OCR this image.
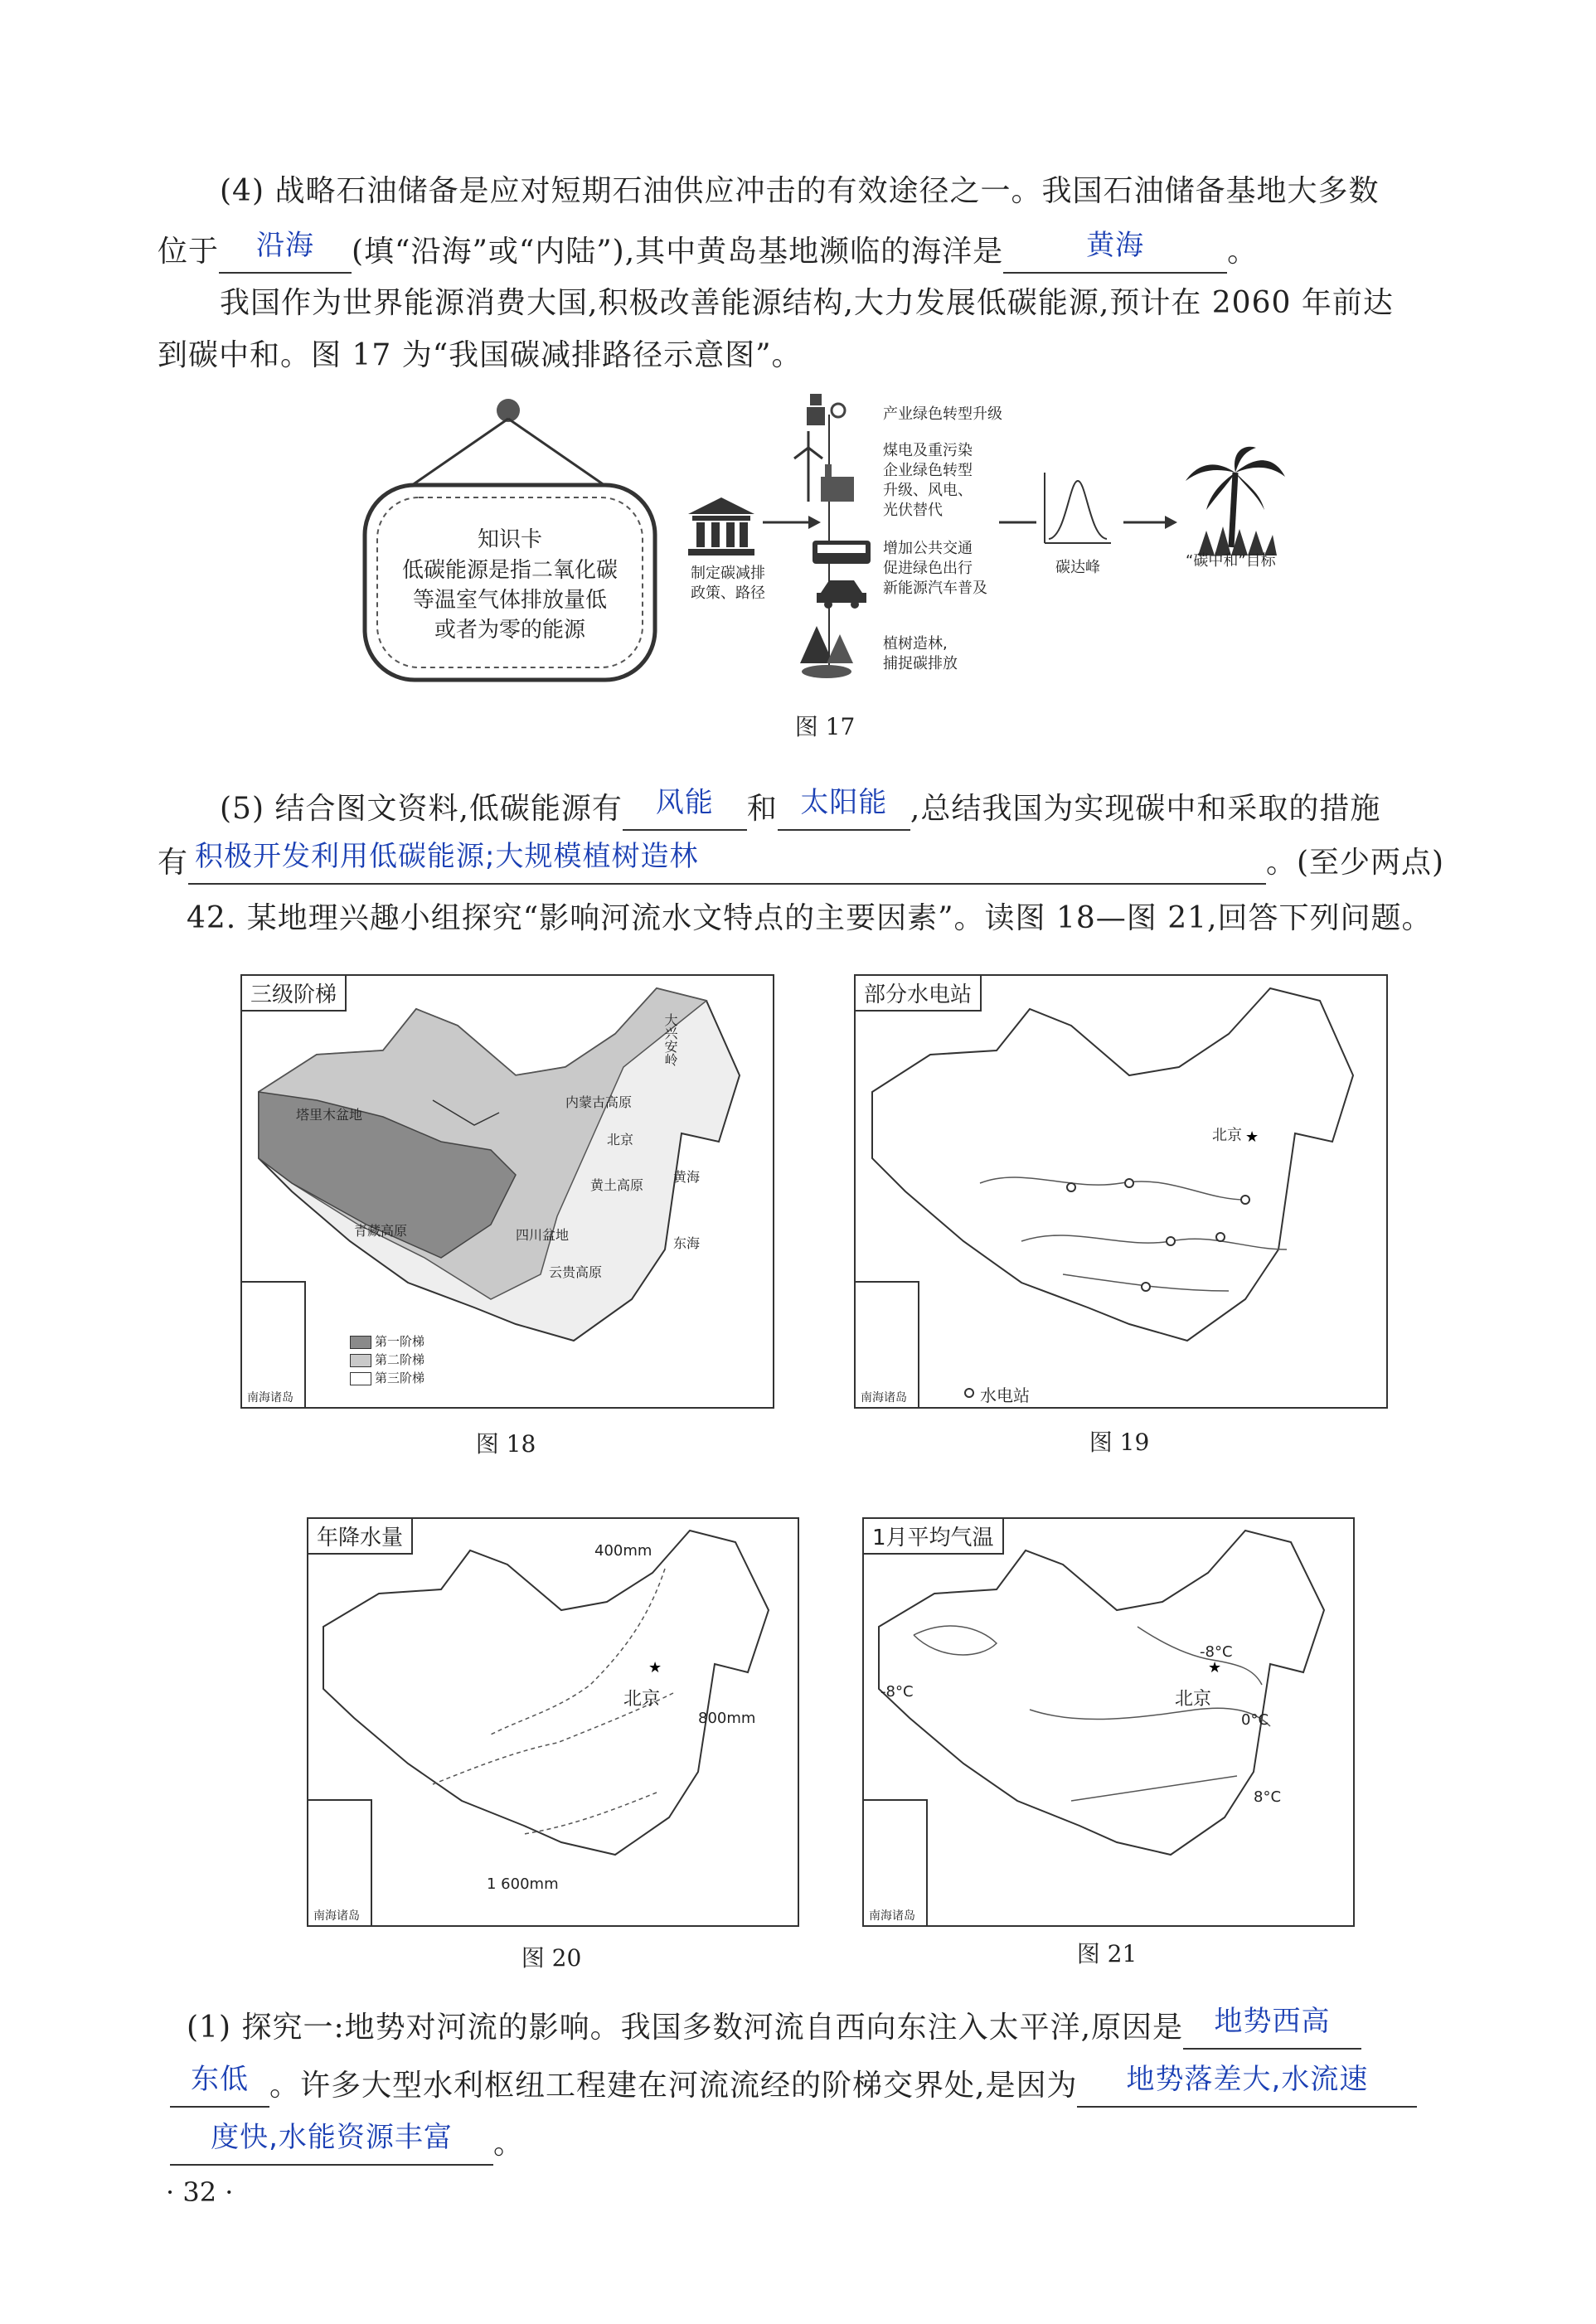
(4) 战略石油储备是应对短期石油供应冲击的有效途径之一。我国石油储备基地大多数
位于	沿海	(填“沿海”或“内陆”),其中黄岛基地濒临的海洋是	黄海	。
我国作为世界能源消费大国,积极改善能源结构,大力发展低碳能源,预计在 2060 年前达
到碳中和。图 17 为“我国碳减排路径示意图”。
知识卡
低碳能源是指二氧化碳
等温室气体排放量低
或者为零的能源
制定碳减排
政策、路径
产业绿色转型升级
煤电及重污染
企业绿色转型
升级、风电、
光伏替代
增加公共交通
促进绿色出行
新能源汽车普及
植树造林,
捕捉碳排放
碳达峰	“碳中和”目标
图 17
(5) 结合图文资料,低碳能源有	风能	和 太阳能 ,总结我国为实现碳中和采取的措施
有 积极开发利用低碳能源;大规模植树造林	。(至少两点)
42. 某地理兴趣小组探究“影响河流水文特点的主要因素”。读图 18—图 21,回答下列问题。
三级阶梯
塔里木盆地
内蒙古高原
大兴安岭
北京
黄土高原
青藏高原	四川盆地
云贵高原
东海
黄海
第一阶梯
第二阶梯
第三阶梯
南海诸岛
图 18
★
部分水电站
北京
水电站
南海诸岛
图 19
★
年降水量
400mm
北京
800mm
1 600mm
南海诸岛
图 20
★
1月平均气温
-8°C
-8°C	北京
0°C
8°C
南海诸岛
图 21
(1) 探究一:地势对河流的影响。我国多数河流自西向东注入太平洋,原因是	地势西高
东低 。许多大型水利枢纽工程建在河流流经的阶梯交界处,是因为	地势落差大,水流速
度快,水能资源丰富	。
· 32 ·
